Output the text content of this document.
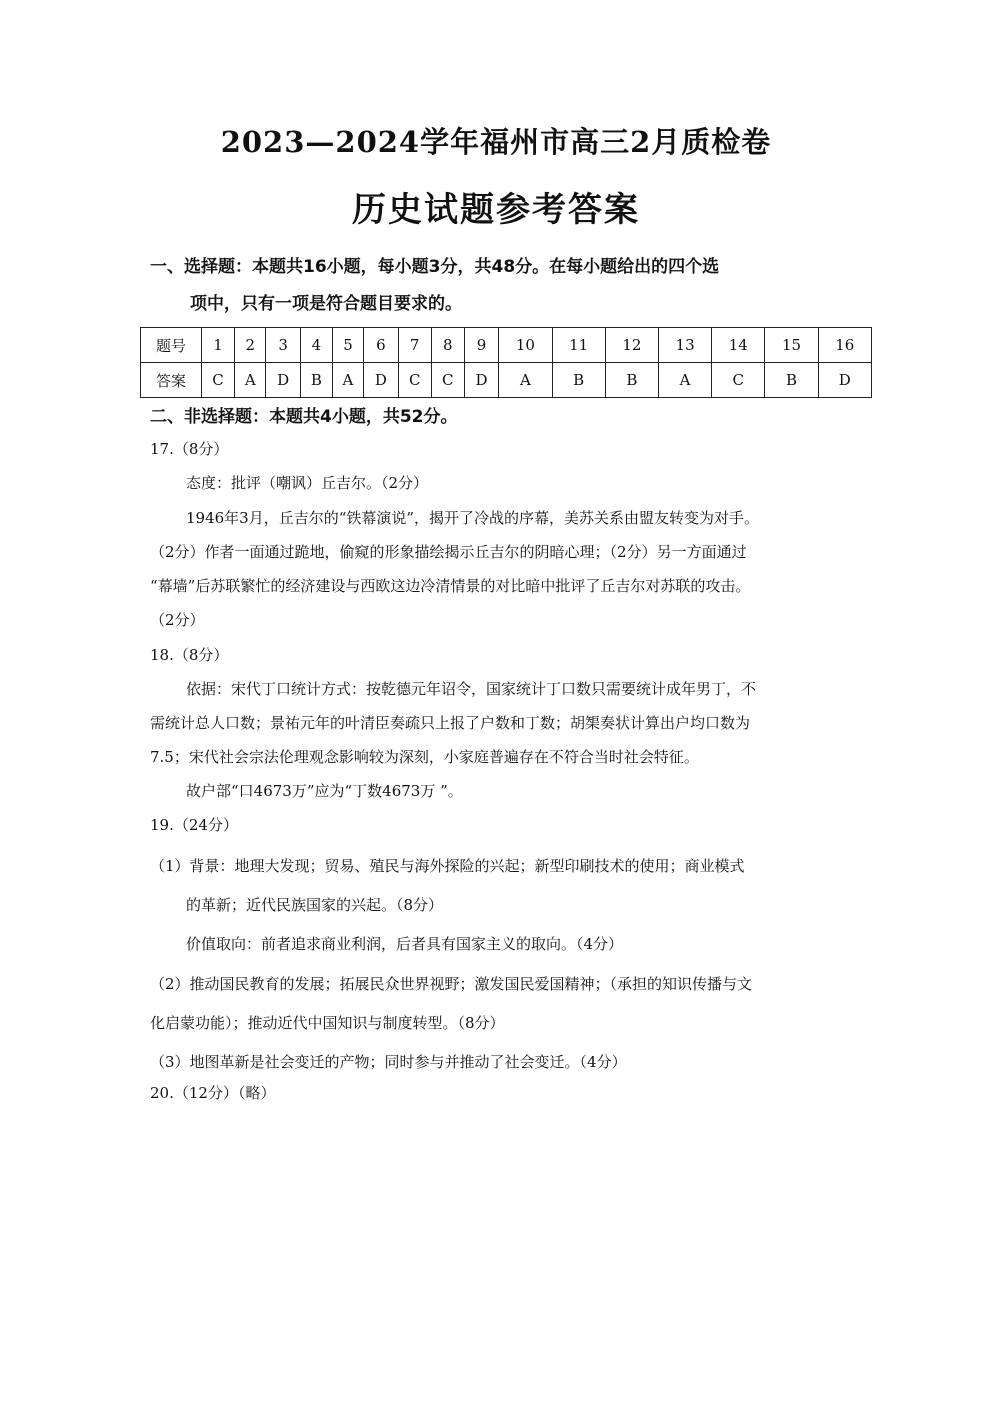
2023—2024学年福州市高三2月质检卷
历史试题参考答案
一、选择题：本题共16小题，每小题3分，共48分。在每小题给出的四个选
项中，只有一项是符合题目要求的。
题号	1	2	3	4	5	6	7	8	9	10	11	12	13	14	15	16
答案	C	A	D	B	A	D	C	C	D	A	B	B	A	C	B	D
二、非选择题：本题共4小题，共52分。
17.（8分）
态度：批评（嘲讽）丘吉尔。（2分）
1946年3月，丘吉尔的“铁幕演说”，揭开了冷战的序幕，美苏关系由盟友转变为对手。
（2分）作者一面通过跪地，偷窥的形象描绘揭示丘吉尔的阴暗心理；（2分）另一方面通过
“幕墙”后苏联繁忙的经济建设与西欧这边冷清情景的对比暗中批评了丘吉尔对苏联的攻击。
（2分）
18.（8分）
依据：宋代丁口统计方式：按乾德元年诏令，国家统计丁口数只需要统计成年男丁，不
需统计总人口数；景祐元年的叶清臣奏疏只上报了户数和丁数；胡榘奏状计算出户均口数为
7.5；宋代社会宗法伦理观念影响较为深刻，小家庭普遍存在不符合当时社会特征。
故户部“口4673万”应为“丁数4673万 ”。
19.（24分）
（1）背景：地理大发现；贸易、殖民与海外探险的兴起；新型印刷技术的使用；商业模式
的革新；近代民族国家的兴起。（8分）
价值取向：前者追求商业利润，后者具有国家主义的取向。（4分）
（2）推动国民教育的发展；拓展民众世界视野；激发国民爱国精神；（承担的知识传播与文
化启蒙功能）；推动近代中国知识与制度转型。（8分）
（3）地图革新是社会变迁的产物；同时参与并推动了社会变迁。（4分）
20.（12分）（略）
